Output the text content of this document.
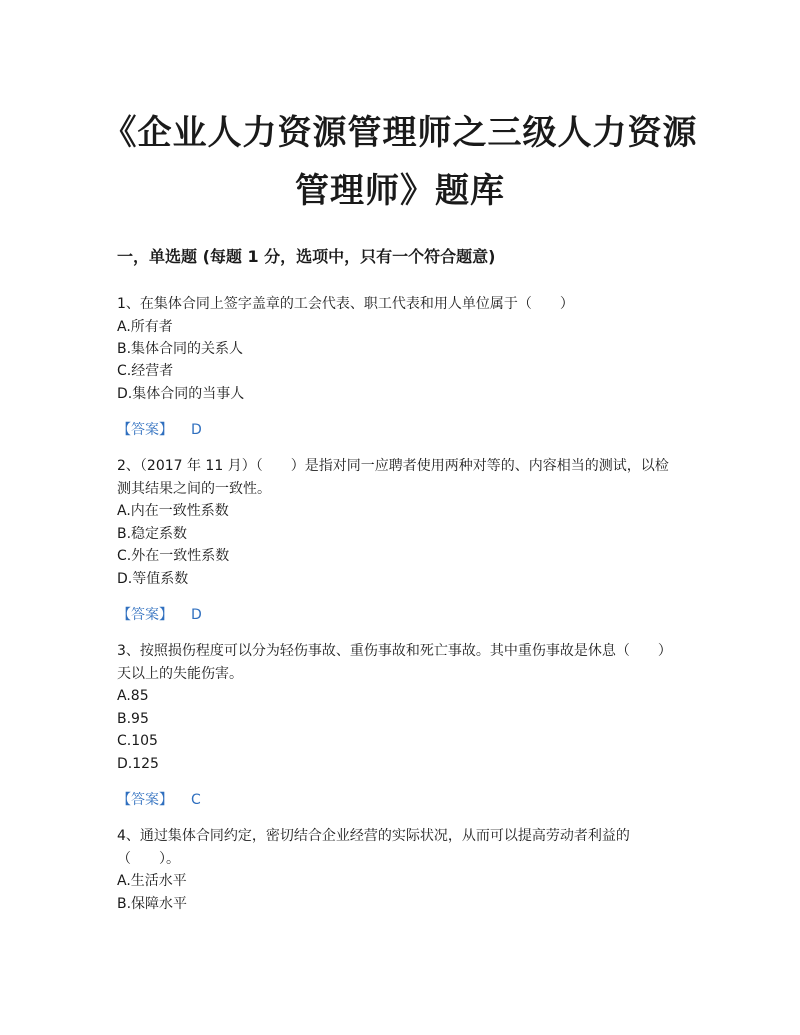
《企业人力资源管理师之三级人力资源管理师》题库
一，单选题 (每题 1 分，选项中，只有一个符合题意)

1、在集体合同上签字盖章的工会代表、职工代表和用人单位属于（　　）

A.所有者
B.集体合同的关系人
C.经营者
D.集体合同的当事人
【答案】 D

2、（2017 年 11 月）（　　）是指对同一应聘者使用两种对等的、内容相当的测试，以检测其结果之间的一致性。

A.内在一致性系数
B.稳定系数
C.外在一致性系数
D.等值系数
【答案】 D

3、按照损伤程度可以分为轻伤事故、重伤事故和死亡事故。其中重伤事故是休息（　　）天以上的失能伤害。

A.85
B.95
C.105
D.125
【答案】 C

4、通过集体合同约定，密切结合企业经营的实际状况，从而可以提高劳动者利益的（　　）。

A.生活水平
B.保障水平
